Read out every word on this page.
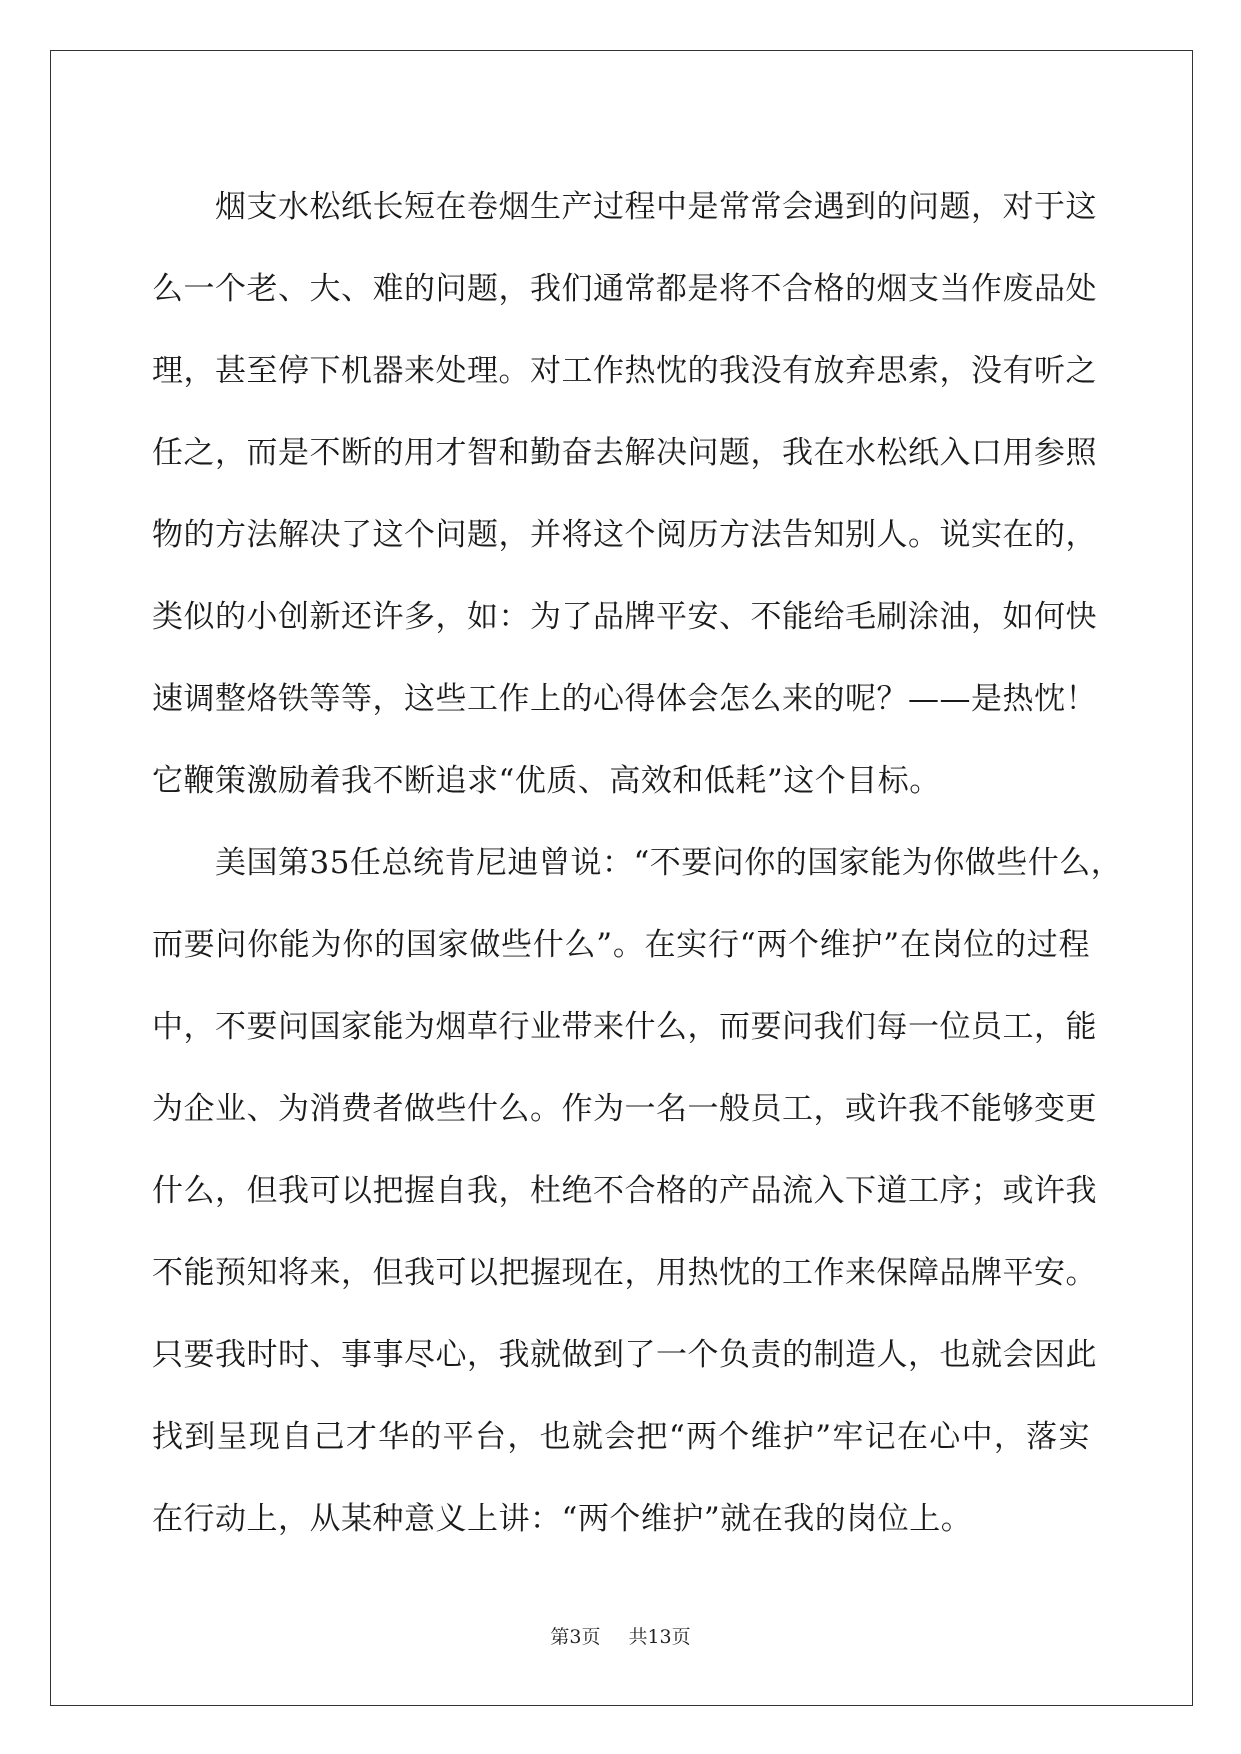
　　烟支水松纸长短在卷烟生产过程中是常常会遇到的问题，对于这
么一个老、大、难的问题，我们通常都是将不合格的烟支当作废品处
理，甚至停下机器来处理。对工作热忱的我没有放弃思索，没有听之
任之，而是不断的用才智和勤奋去解决问题，我在水松纸入口用参照
物的方法解决了这个问题，并将这个阅历方法告知别人。说实在的，
类似的小创新还许多，如：为了品牌平安、不能给毛刷涂油，如何快
速调整烙铁等等，这些工作上的心得体会怎么来的呢？——是热忱！
它鞭策激励着我不断追求“优质、高效和低耗”这个目标。
　　美国第35任总统肯尼迪曾说：“不要问你的国家能为你做些什么，
而要问你能为你的国家做些什么”。在实行“两个维护”在岗位的过程
中，不要问国家能为烟草行业带来什么，而要问我们每一位员工，能
为企业、为消费者做些什么。作为一名一般员工，或许我不能够变更
什么，但我可以把握自我，杜绝不合格的产品流入下道工序；或许我
不能预知将来，但我可以把握现在，用热忱的工作来保障品牌平安。
只要我时时、事事尽心，我就做到了一个负责的制造人，也就会因此
找到呈现自己才华的平台，也就会把“两个维护”牢记在心中，落实
在行动上，从某种意义上讲：“两个维护”就在我的岗位上。
第3页 共13页
